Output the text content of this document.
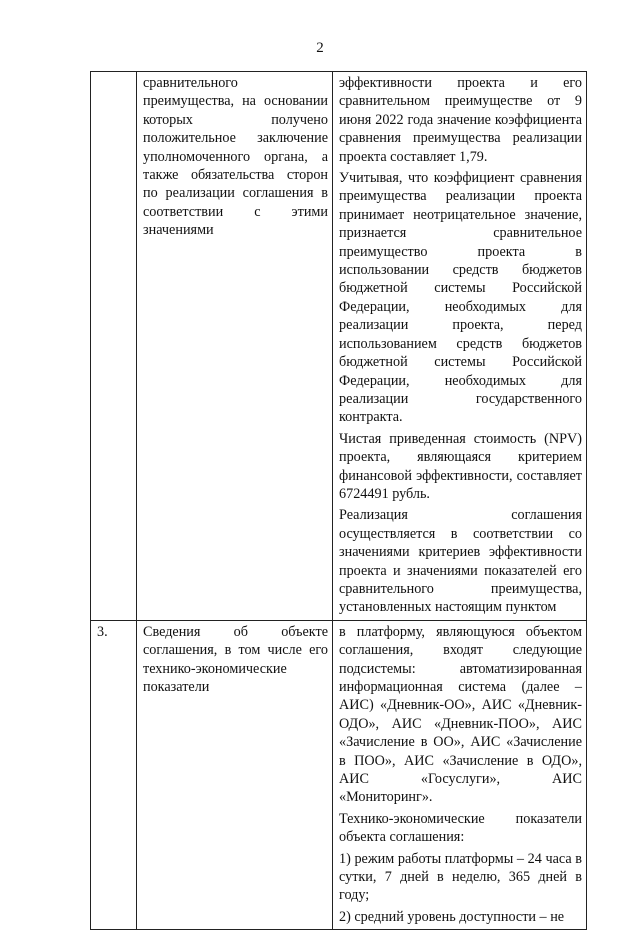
2
	сравнительного преимущества, на основании которых получено положительное заключение уполномоченного органа, а также обязательства сторон по реализации соглашения в соответствии с этими значениями	эффективности проекта и его сравнительном преимуществе от 9 июня 2022 года значение коэффициента сравнения преимущества реализации проекта составляет 1,79.

Учитывая, что коэффициент сравнения преимущества реализации проекта принимает неотрицательное значение, признается сравнительное преимущество проекта в использовании средств бюджетов бюджетной системы Российской Федерации, необходимых для реализации проекта, перед использованием средств бюджетов бюджетной системы Российской Федерации, необходимых для реализации государственного контракта.

Чистая приведенная стоимость (NPV) проекта, являющаяся критерием финансовой эффективности, составляет 6724491 рубль.

Реализация соглашения осуществляется в соответствии со значениями критериев эффективности проекта и значениями показателей его сравнительного преимущества, установленных настоящим пунктом

3.	Сведения об объекте соглашения, в том числе его технико-экономические показатели	в платформу, являющуюся объектом соглашения, входят следующие подсистемы: автоматизированная информационная система (далее – АИС) «Дневник-ОО», АИС «Дневник-ОДО», АИС «Дневник-ПОО», АИС «Зачисление в ОО», АИС «Зачисление в ПОО», АИС «Зачисление в ОДО», АИС «Госуслуги», АИС «Мониторинг».

Технико-экономические показатели объекта соглашения:

1) режим работы платформы – 24 часа в сутки, 7 дней в неделю, 365 дней в году;

2) средний уровень доступности – не
